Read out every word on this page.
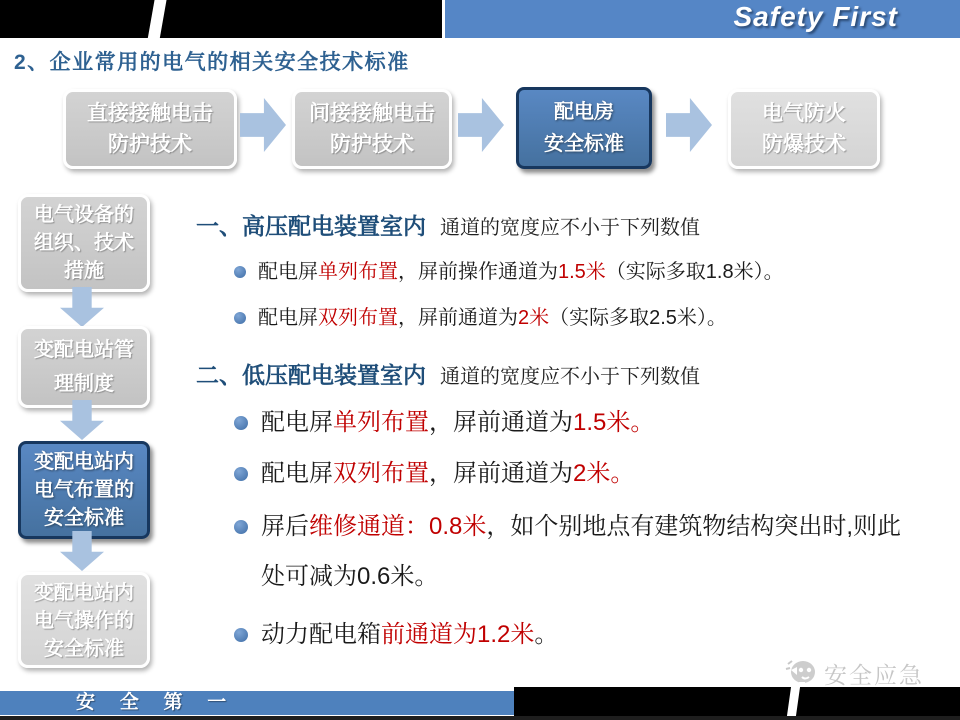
Safety First
2、企业常用的电气的相关安全技术标准
直接接触电击
防护技术
间接接触电击
防护技术
配电房
安全标准
电气防火
防爆技术
电气设备的
组织、技术
措施
变配电站管
理制度
变配电站内
电气布置的
安全标准
变配电站内
电气操作的
安全标准
一、高压配电装置室内 通道的宽度应不小于下列数值
配电屏单列布置，屏前操作通道为1.5米（实际多取1.8米）。
配电屏双列布置，屏前通道为2米（实际多取2.5米）。
二、低压配电装置室内 通道的宽度应不小于下列数值
配电屏单列布置，屏前通道为1.5米。
配电屏双列布置，屏前通道为2米。
屏后维修通道：0.8米，如个别地点有建筑物结构突出时,则此
处可减为0.6米。
动力配电箱前通道为1.2米。
安全应急
安 全 第 一
